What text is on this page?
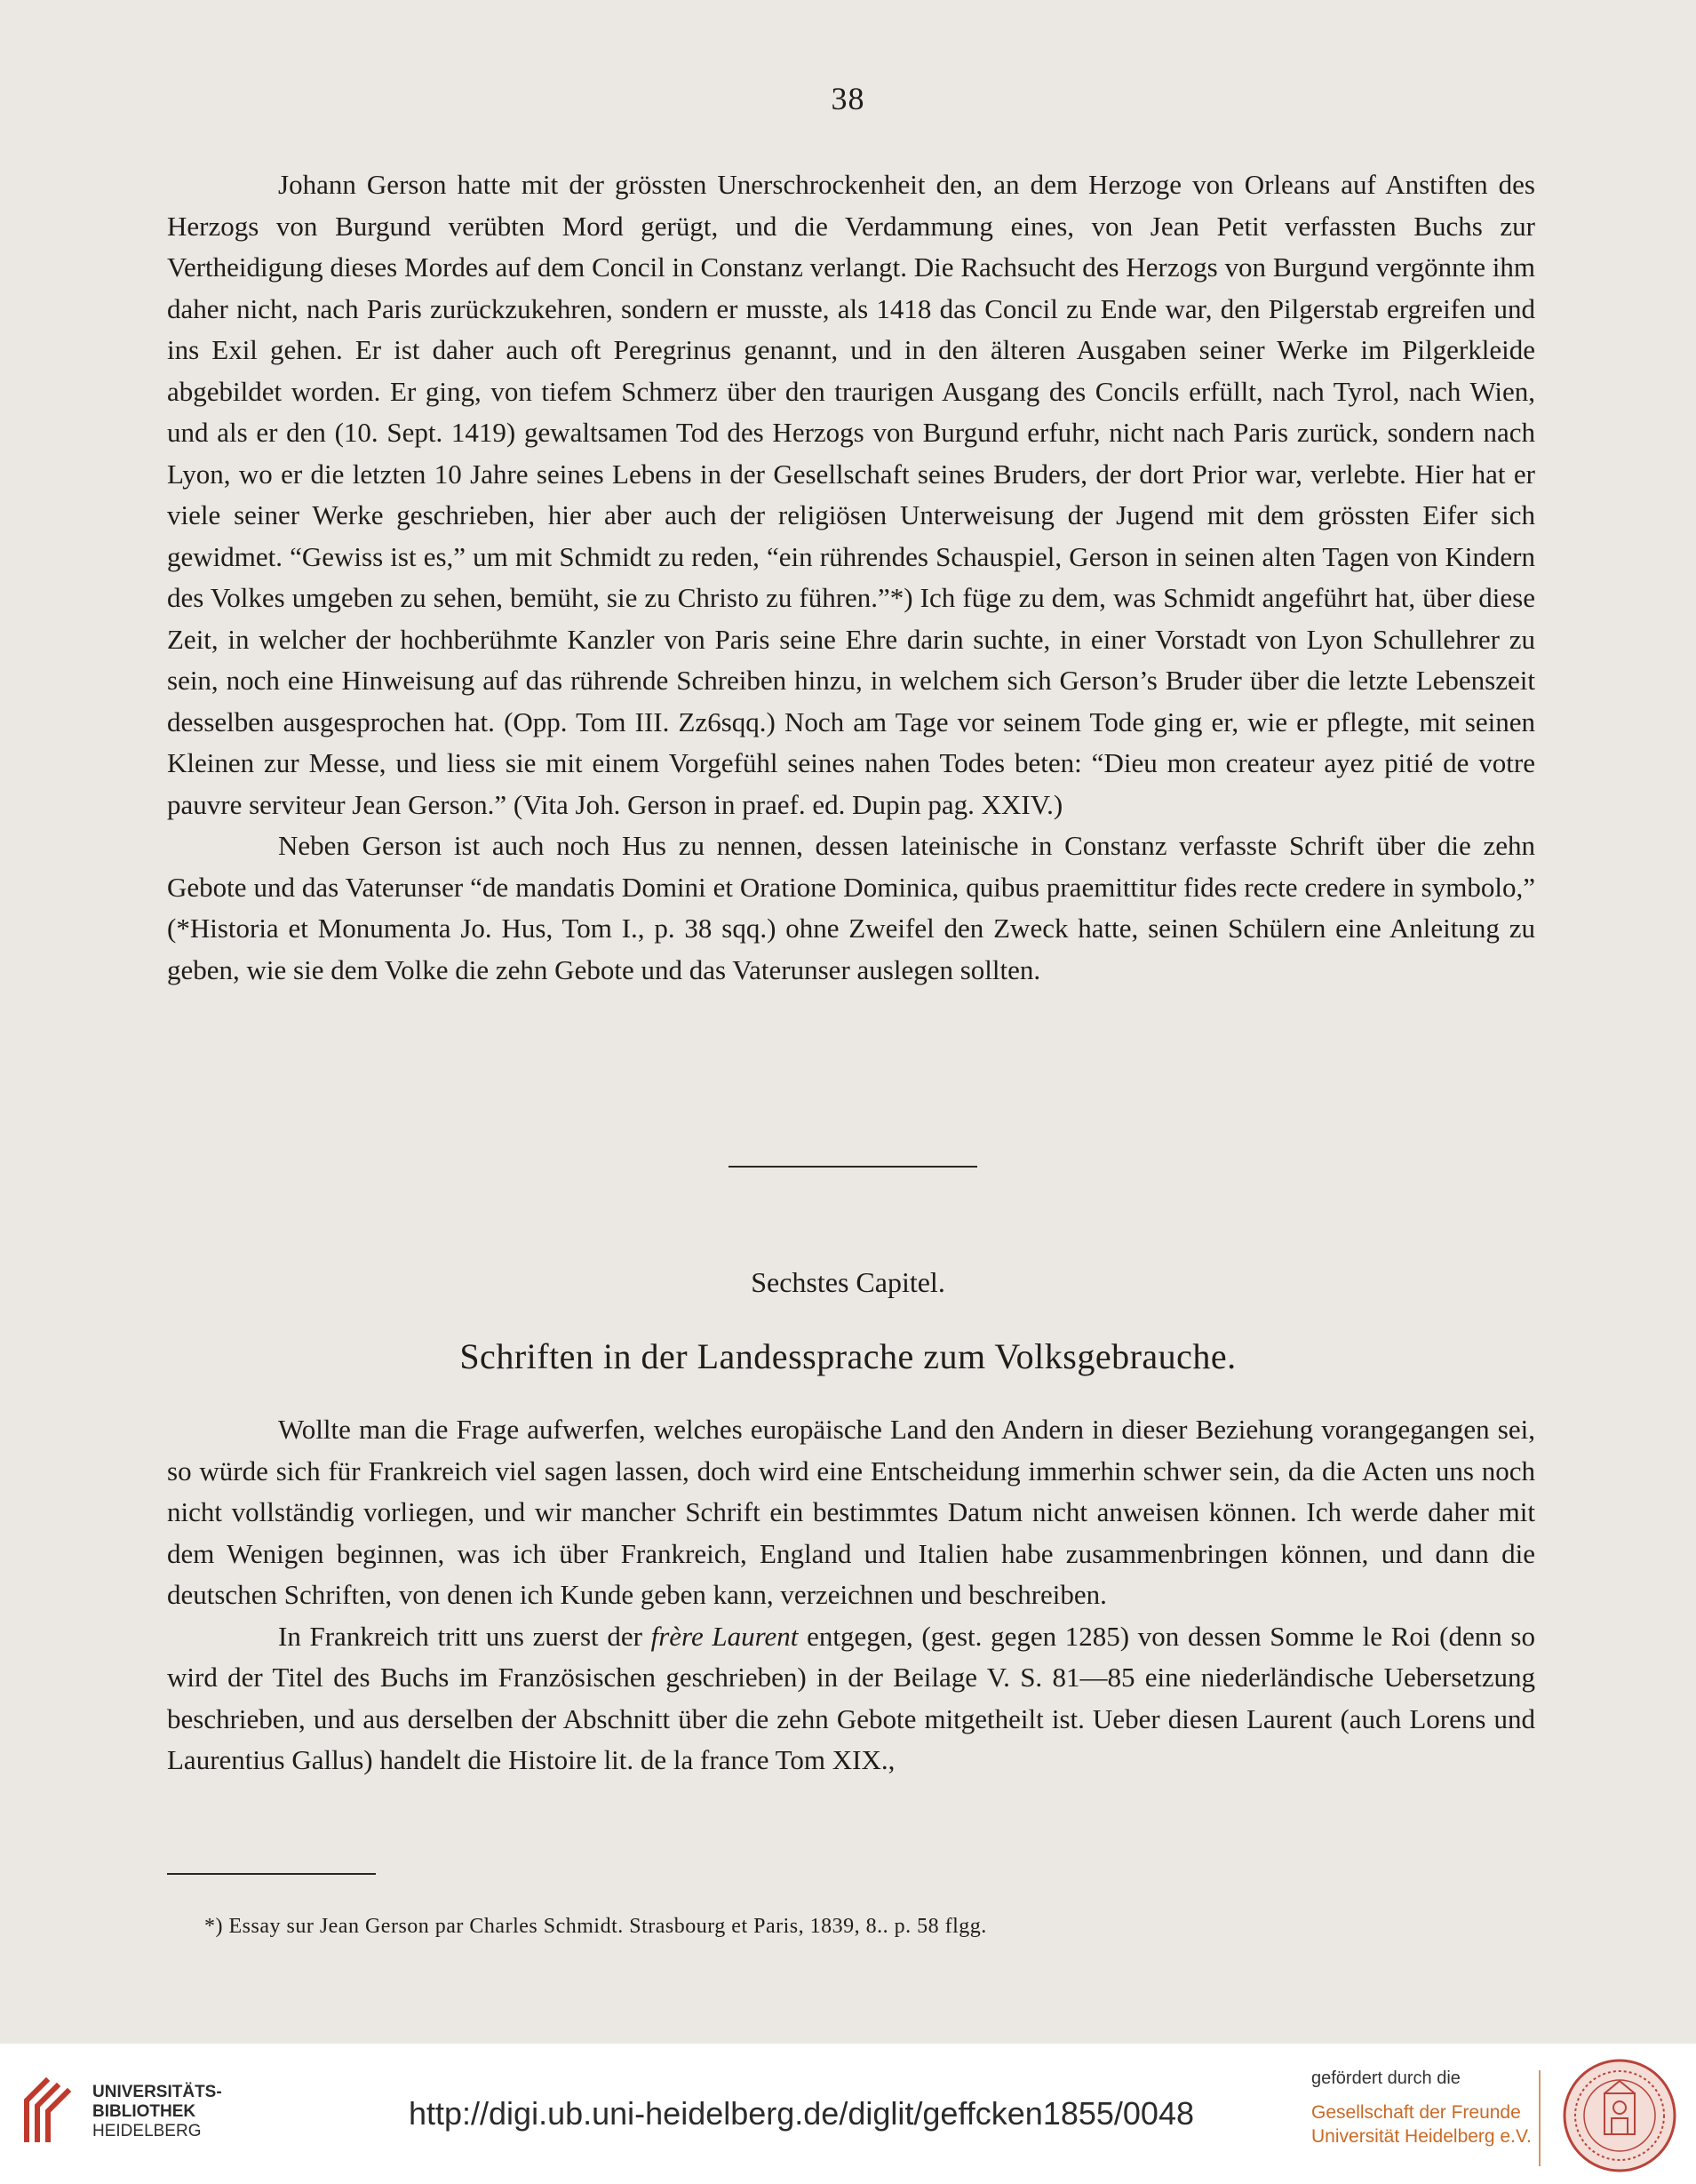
38

Johann Gerson hatte mit der grössten Unerschrockenheit den, an dem Herzoge von Orleans auf Anstiften des Herzogs von Burgund verübten Mord gerügt, und die Verdammung eines, von Jean Petit verfassten Buchs zur Vertheidigung dieses Mordes auf dem Concil in Constanz verlangt. Die Rachsucht des Herzogs von Burgund vergönnte ihm daher nicht, nach Paris zurückzukehren, sondern er musste, als 1418 das Concil zu Ende war, den Pilgerstab ergreifen und ins Exil gehen. Er ist daher auch oft Peregrinus genannt, und in den älteren Ausgaben seiner Werke im Pilgerkleide abgebildet worden. Er ging, von tiefem Schmerz über den traurigen Ausgang des Concils erfüllt, nach Tyrol, nach Wien, und als er den (10. Sept. 1419) gewaltsamen Tod des Herzogs von Burgund erfuhr, nicht nach Paris zurück, sondern nach Lyon, wo er die letzten 10 Jahre seines Lebens in der Gesellschaft seines Bruders, der dort Prior war, verlebte. Hier hat er viele seiner Werke geschrieben, hier aber auch der religiösen Unterweisung der Jugend mit dem grössten Eifer sich gewidmet. “Gewiss ist es,” um mit Schmidt zu reden, “ein rührendes Schauspiel, Gerson in seinen alten Tagen von Kindern des Volkes umgeben zu sehen, bemüht, sie zu Christo zu führen.”*) Ich füge zu dem, was Schmidt angeführt hat, über diese Zeit, in welcher der hochberühmte Kanzler von Paris seine Ehre darin suchte, in einer Vorstadt von Lyon Schullehrer zu sein, noch eine Hinweisung auf das rührende Schreiben hinzu, in welchem sich Gerson’s Bruder über die letzte Lebenszeit desselben ausgesprochen hat. (Opp. Tom III. Zz6sqq.) Noch am Tage vor seinem Tode ging er, wie er pflegte, mit seinen Kleinen zur Messe, und liess sie mit einem Vorgefühl seines nahen Todes beten: “Dieu mon createur ayez pitié de votre pauvre serviteur Jean Gerson.” (Vita Joh. Gerson in praef. ed. Dupin pag. XXIV.)

Neben Gerson ist auch noch Hus zu nennen, dessen lateinische in Constanz verfasste Schrift über die zehn Gebote und das Vaterunser “de mandatis Domini et Oratione Dominica, quibus praemittitur fides recte credere in symbolo,” (*Historia et Monumenta Jo. Hus, Tom I., p. 38 sqq.) ohne Zweifel den Zweck hatte, seinen Schülern eine Anleitung zu geben, wie sie dem Volke die zehn Gebote und das Vaterunser auslegen sollten.

Sechstes Capitel.
Schriften in der Landessprache zum Volksgebrauche.

Wollte man die Frage aufwerfen, welches europäische Land den Andern in dieser Beziehung vorangegangen sei, so würde sich für Frankreich viel sagen lassen, doch wird eine Entscheidung immerhin schwer sein, da die Acten uns noch nicht vollständig vorliegen, und wir mancher Schrift ein bestimmtes Datum nicht anweisen können. Ich werde daher mit dem Wenigen beginnen, was ich über Frankreich, England und Italien habe zusammenbringen können, und dann die deutschen Schriften, von denen ich Kunde geben kann, verzeichnen und beschreiben.

In Frankreich tritt uns zuerst der frère Laurent entgegen, (gest. gegen 1285) von dessen Somme le Roi (denn so wird der Titel des Buchs im Französischen geschrieben) in der Beilage V. S. 81—85 eine niederländische Uebersetzung beschrieben, und aus derselben der Abschnitt über die zehn Gebote mitgetheilt ist. Ueber diesen Laurent (auch Lorens und Laurentius Gallus) handelt die Histoire lit. de la france Tom XIX.,

*) Essay sur Jean Gerson par Charles Schmidt. Strasbourg et Paris, 1839, 8.. p. 58 flgg.
UNIVERSITÄTS-
BIBLIOTHEK
HEIDELBERG	http://digi.ub.uni-heidelberg.de/diglit/geffcken1855/0048
gefördert durch die
Gesellschaft der Freunde
Universität Heidelberg e.V.
